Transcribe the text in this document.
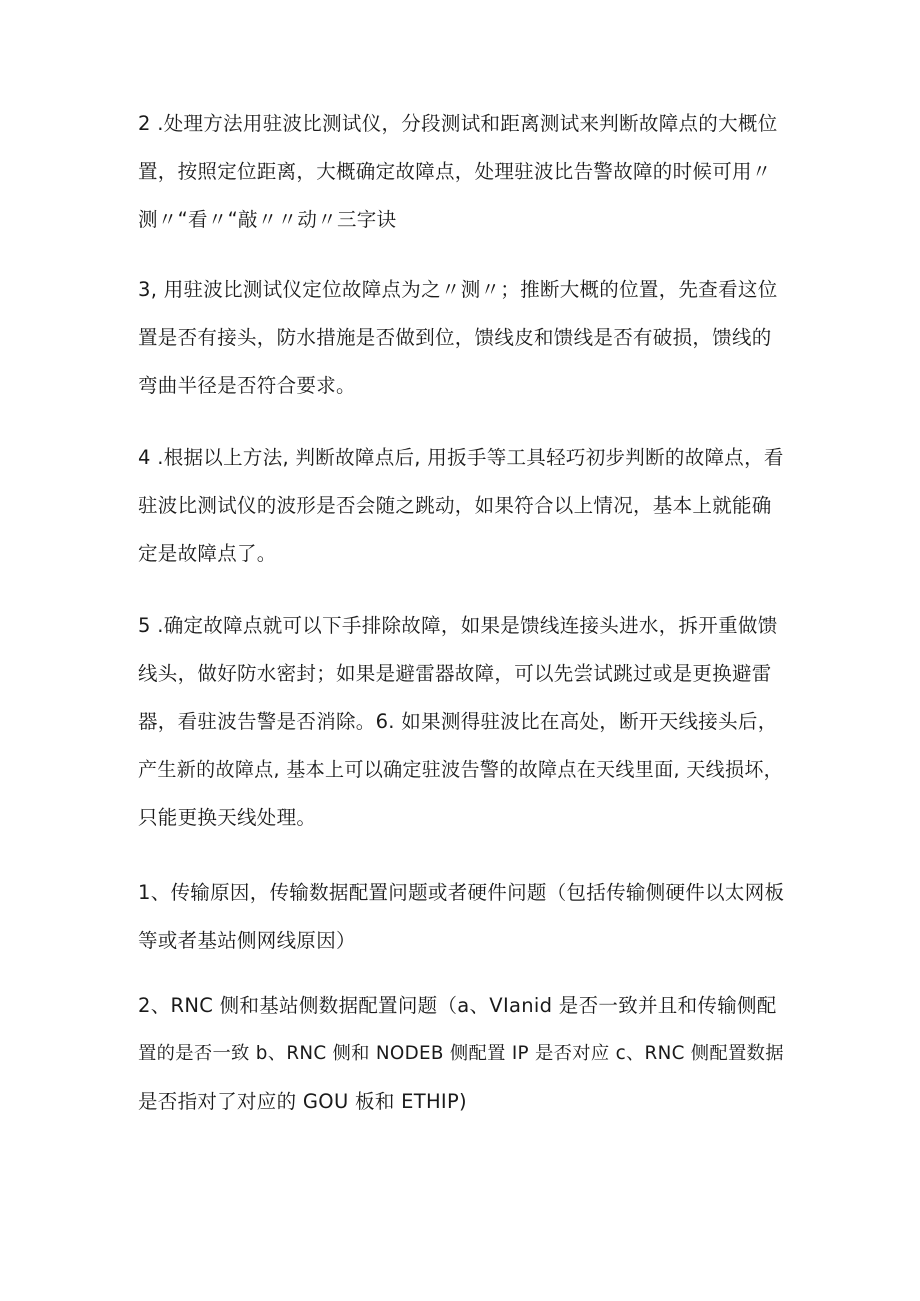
2 .处理方法用驻波比测试仪，分段测试和距离测试来判断故障点的大概位
置，按照定位距离，大概确定故障点，处理驻波比告警故障的时候可用〃
测〃“看〃“敲〃〃动〃三字诀
3, 用驻波比测试仪定位故障点为之〃测〃；推断大概的位置，先查看这位
置是否有接头，防水措施是否做到位，馈线皮和馈线是否有破损，馈线的
弯曲半径是否符合要求。
4 .根据以上方法, 判断故障点后, 用扳手等工具轻巧初步判断的故障点，看
驻波比测试仪的波形是否会随之跳动，如果符合以上情况，基本上就能确
定是故障点了。
5 .确定故障点就可以下手排除故障，如果是馈线连接头进水，拆开重做馈
线头，做好防水密封；如果是避雷器故障，可以先尝试跳过或是更换避雷
器，看驻波告警是否消除。6. 如果测得驻波比在高处，断开天线接头后，
产生新的故障点, 基本上可以确定驻波告警的故障点在天线里面, 天线损坏，
只能更换天线处理。
1、传输原因，传输数据配置问题或者硬件问题（包括传输侧硬件以太网板
等或者基站侧网线原因）
2、RNC 侧和基站侧数据配置问题（a、VIanid 是否一致并且和传输侧配
置的是否一致 b、RNC 侧和 NODEB 侧配置 IP 是否对应 c、RNC 侧配置数据
是否指对了对应的 GOU 板和 ETHIP)
